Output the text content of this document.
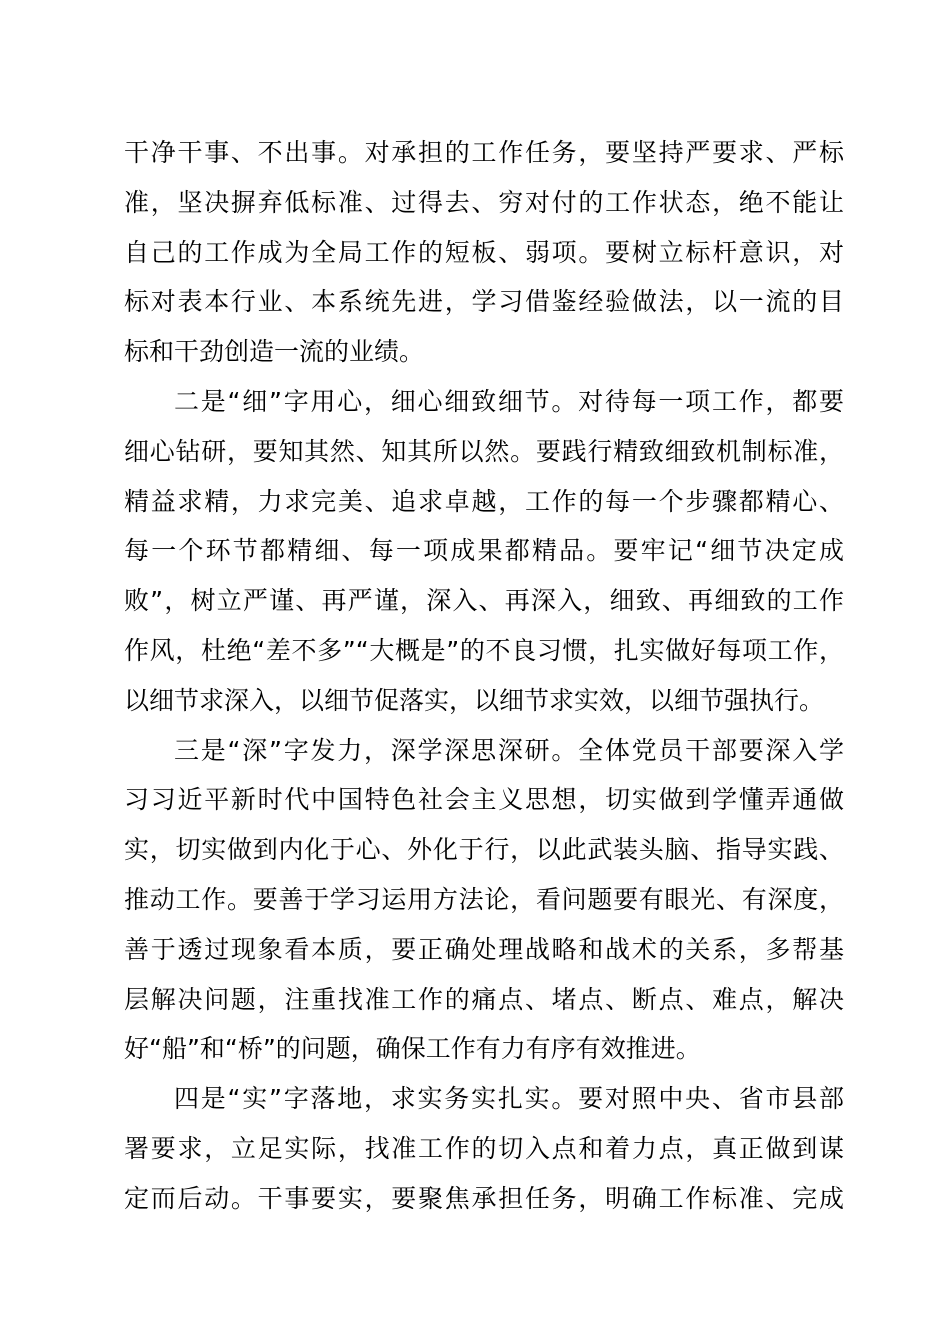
干净干事、不出事。对承担的工作任务，要坚持严要求、严标
准，坚决摒弃低标准、过得去、穷对付的工作状态，绝不能让
自己的工作成为全局工作的短板、弱项。要树立标杆意识，对
标对表本行业、本系统先进，学习借鉴经验做法，以一流的目
标和干劲创造一流的业绩。
二是“细”字用心，细心细致细节。对待每一项工作，都要
细心钻研，要知其然、知其所以然。要践行精致细致机制标准，
精益求精，力求完美、追求卓越，工作的每一个步骤都精心、
每一个环节都精细、每一项成果都精品。要牢记“细节决定成
败”，树立严谨、再严谨，深入、再深入，细致、再细致的工作
作风，杜绝“差不多”“大概是”的不良习惯，扎实做好每项工作，
以细节求深入，以细节促落实，以细节求实效，以细节强执行。
三是“深”字发力，深学深思深研。全体党员干部要深入学
习习近平新时代中国特色社会主义思想，切实做到学懂弄通做
实，切实做到内化于心、外化于行，以此武装头脑、指导实践、
推动工作。要善于学习运用方法论，看问题要有眼光、有深度，
善于透过现象看本质，要正确处理战略和战术的关系，多帮基
层解决问题，注重找准工作的痛点、堵点、断点、难点，解决
好“船”和“桥”的问题，确保工作有力有序有效推进。
四是“实”字落地，求实务实扎实。要对照中央、省市县部
署要求，立足实际，找准工作的切入点和着力点，真正做到谋
定而后动。干事要实，要聚焦承担任务，明确工作标准、完成
